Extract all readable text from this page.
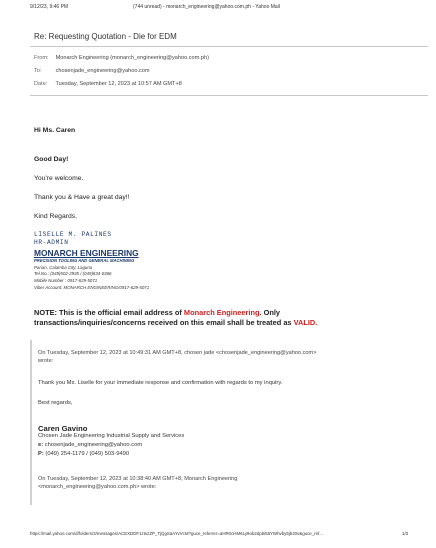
9/12/23, 9:46 PM	(744 unread) - monarch_engineering@yahoo.com.ph - Yahoo Mail
Re: Requesting Quotation - Die for EDM
From: Monarch Engineering (monarch_engineering@yahoo.com.ph)
To:	chosenjade_engineering@yahoo.com
Date: Tuesday, September 12, 2023 at 10:57 AM GMT+8
Hi Ms. Caren
Good Day!
You're welcome.
Thank you & Have a great day!!
Kind Regards,
LISELLE M. PALINES
HR-ADMIN
MONARCH ENGINEERING
PRECISION TOOLING AND GENERAL MACHINING
Parian, Calamba City, Laguna
Tel.No.: (049)502-2935 / (049)834-0366
Mobile Number : 0917-629-5071
Viber Account: MONARCH ENGINEERING/0917-629-5071
NOTE: This is the official email address of Monarch Engineering. Only
transactions/inquiries/concerns received on this email shall be treated as VALID.
On Tuesday, September 12, 2023 at 10:49:31 AM GMT+8, chosen jade <chosenjade_engineering@yahoo.com>
wrote:
Thank you Ms. Liselle for your immediate response and confirmation with regards to my inquiry.
Best regards,
Caren Gavino
Chosen Jade Engineering Industrial Supply and Services
e: chosenjade_engineering@yahoo.com
P: (049) 254-1179 / (049) 503-9490
On Tuesday, September 12, 2023 at 10:38:40 AM GMT+8, Monarch Engineering
<monarch_engineering@yahoo.com.ph> wrote:
https://mail.yahoo.com/d/folders/2/messages/ACEXDDF1ztszZP_TjQgSaAYvVcM?guce_referrer=aHR0cHM6Ly9ob2dpbi55YWhvby5jb20v&guce_ref...	1/3
